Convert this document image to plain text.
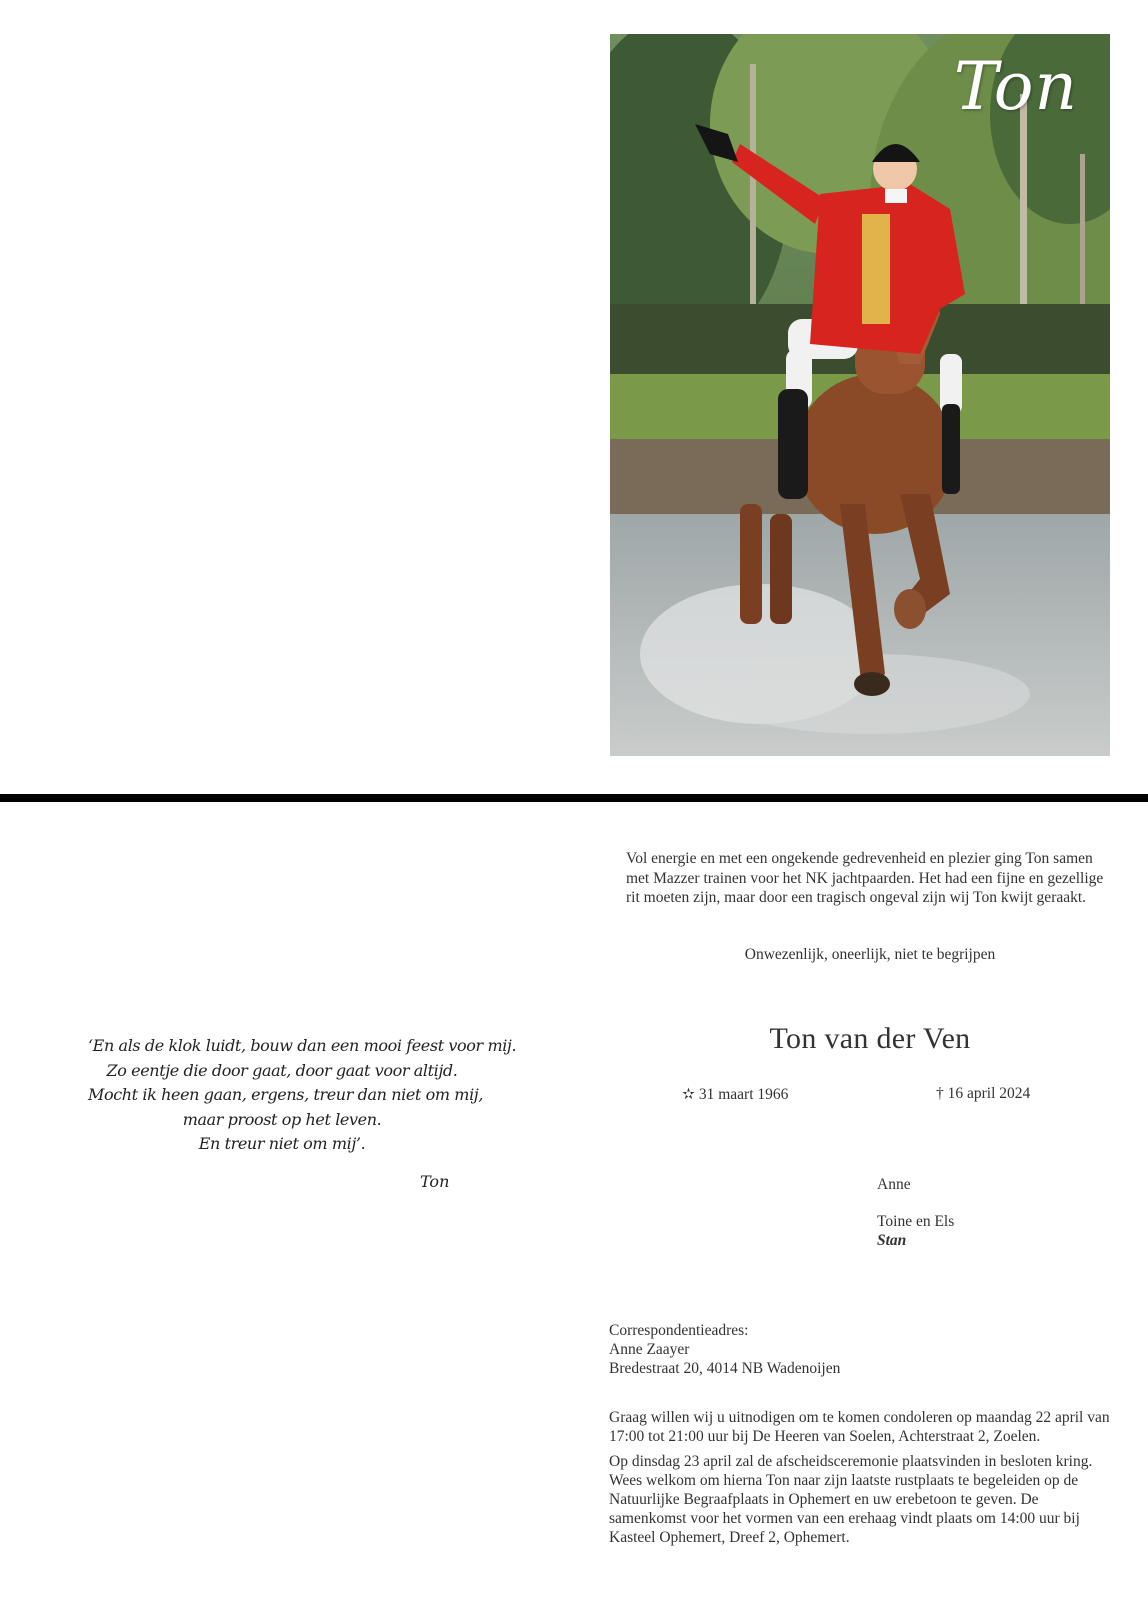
Ton
‘En als de klok luidt, bouw dan een mooi feest voor mij.
Zo eentje die door gaat, door gaat voor altijd.
Mocht ik heen gaan, ergens, treur dan niet om mij,
maar proost op het leven.
En treur niet om mij’.
Ton

Vol energie en met een ongekende gedrevenheid en plezier ging Ton samen met Mazzer trainen voor het NK jachtpaarden. Het had een fijne en gezellige rit moeten zijn, maar door een tragisch ongeval zijn wij Ton kwijt geraakt.

Onwezenlijk, oneerlijk, niet te begrijpen
Ton van der Ven
✫ 31 maart 1966	† 16 april 2024
Anne
Toine en Els
Stan
Correspondentieadres:
Anne Zaayer
Bredestraat 20, 4014 NB Wadenoijen

Graag willen wij u uitnodigen om te komen condoleren op maandag 22 april van 17:00 tot 21:00 uur bij De Heeren van Soelen, Achterstraat 2, Zoelen.

Op dinsdag 23 april zal de afscheidsceremonie plaatsvinden in besloten kring. Wees welkom om hierna Ton naar zijn laatste rustplaats te begeleiden op de Natuurlijke Begraafplaats in Ophemert en uw erebetoon te geven. De samenkomst voor het vormen van een erehaag vindt plaats om 14:00 uur bij Kasteel Ophemert, Dreef 2, Ophemert.
